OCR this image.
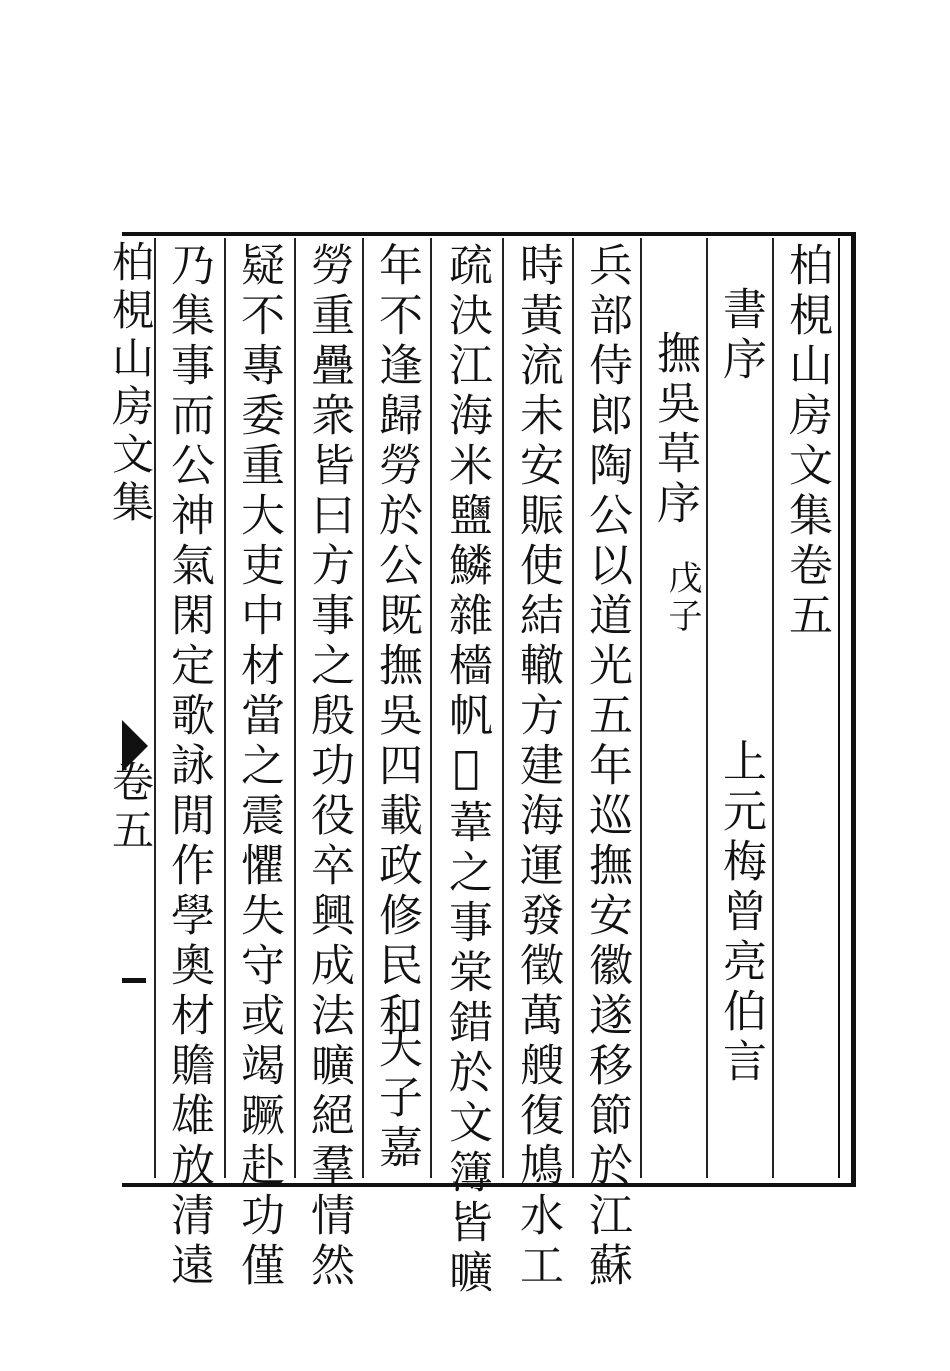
柏梘山房文集卷五
書序
撫吳草序
戊子
上元梅曾亮伯言
兵部侍郎陶公以道光五年巡撫安徽遂移節於江蘇
時黃流未安賑使結轍方建海運發徵萬艘復鳩水工
疏決江海米鹽鱗雜檣帆𧂲葦之事棠錯於文簿皆曠
年不逢歸勞於公既撫吳四載政修民和
天子嘉
勞重疊衆皆曰方事之殷功役卒興成法曠絕羣情然
疑不專委重大吏中材當之震懼失守或竭蹶赴功僅
乃集事而公神氣閑定歌詠閒作學奧材贍雄放清遠
柏梘山房文集
卷五
